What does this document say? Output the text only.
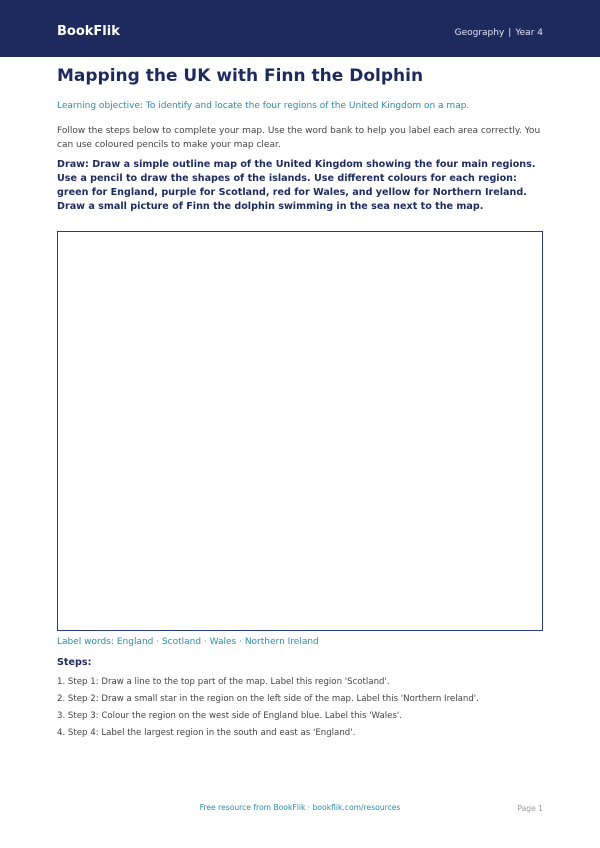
BookFlik	Geography | Year 4
Mapping the UK with Finn the Dolphin
Learning objective: To identify and locate the four regions of the United Kingdom on a map.
Follow the steps below to complete your map. Use the word bank to help you label each area correctly. You can use coloured pencils to make your map clear.
Draw: Draw a simple outline map of the United Kingdom showing the four main regions. Use a pencil to draw the shapes of the islands. Use different colours for each region: green for England, purple for Scotland, red for Wales, and yellow for Northern Ireland. Draw a small picture of Finn the dolphin swimming in the sea next to the map.
Label words: England · Scotland · Wales · Northern Ireland
Steps:
1. Step 1: Draw a line to the top part of the map. Label this region 'Scotland'.
2. Step 2: Draw a small star in the region on the left side of the map. Label this 'Northern Ireland'.
3. Step 3: Colour the region on the west side of England blue. Label this 'Wales'.
4. Step 4: Label the largest region in the south and east as 'England'.
Free resource from BookFlik · bookflik.com/resources	Page 1
